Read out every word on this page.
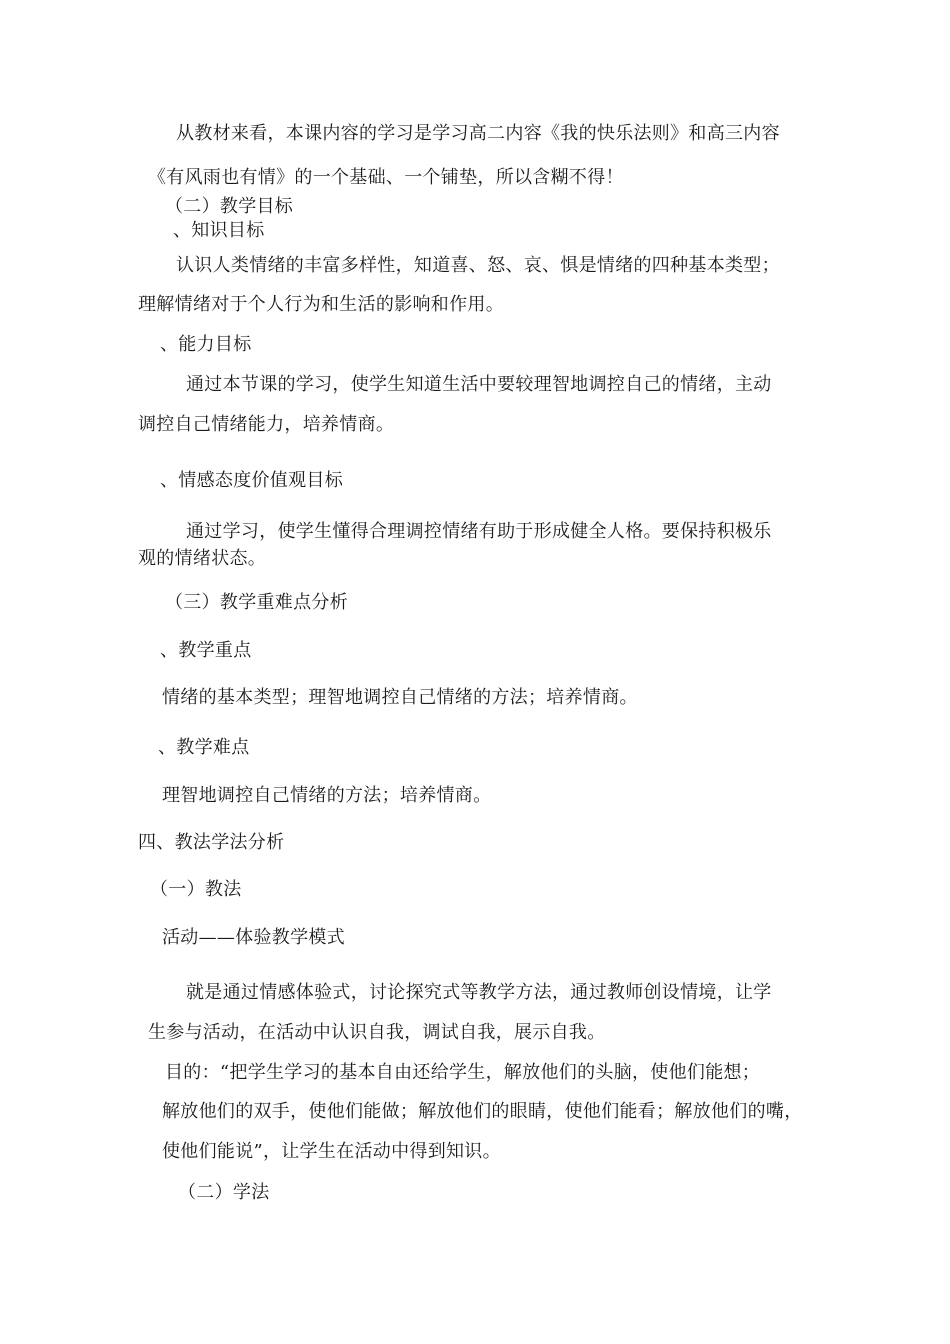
从教材来看，本课内容的学习是学习高二内容《我的快乐法则》和高三内容
《有风雨也有情》的一个基础、一个铺垫，所以含糊不得！
（二）教学目标
、知识目标
认识人类情绪的丰富多样性，知道喜、怒、哀、惧是情绪的四种基本类型；
理解情绪对于个人行为和生活的影响和作用。
、能力目标
通过本节课的学习，使学生知道生活中要较理智地调控自己的情绪，主动
调控自己情绪能力，培养情商。
、情感态度价值观目标
通过学习，使学生懂得合理调控情绪有助于形成健全人格。要保持积极乐
观的情绪状态。
（三）教学重难点分析
、教学重点
情绪的基本类型；理智地调控自己情绪的方法；培养情商。
、教学难点
理智地调控自己情绪的方法；培养情商。
四、教法学法分析
（一）教法
活动——体验教学模式
就是通过情感体验式，讨论探究式等教学方法，通过教师创设情境，让学
生参与活动，在活动中认识自我，调试自我，展示自我。
目的：“把学生学习的基本自由还给学生，解放他们的头脑，使他们能想；
解放他们的双手，使他们能做；解放他们的眼睛，使他们能看；解放他们的嘴，
使他们能说”，让学生在活动中得到知识。
（二）学法
